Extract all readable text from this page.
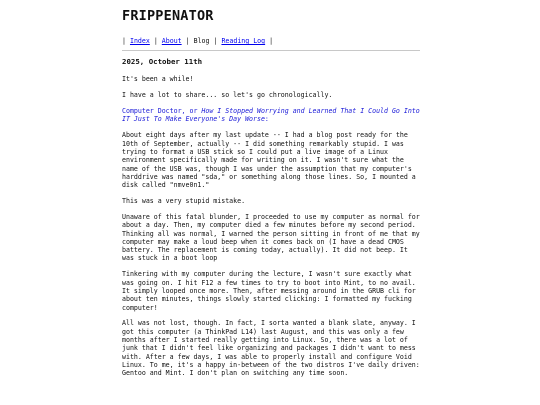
FRIPPENATOR
| Index | About | Blog | Reading Log |
2025, October 11th

It's been a while!

I have a lot to share... so let's go chronologically.

Computer Doctor, or How I Stopped Worrying and Learned That I Could Go Into IT Just To Make Everyone's Day Worse:

About eight days after my last update -- I had a blog post ready for the 10th of September, actually -- I did something remarkably stupid. I was trying to format a USB stick so I could put a live image of a Linux environment specifically made for writing on it. I wasn't sure what the name of the USB was, though I was under the assumption that my computer's harddrive was named "sda," or something along those lines. So, I mounted a disk called "nmve0n1."

This was a very stupid mistake.

Unaware of this fatal blunder, I proceeded to use my computer as normal for about a day. Then, my computer died a few minutes before my second period. Thinking all was normal, I warned the person sitting in front of me that my computer may make a loud beep when it comes back on (I have a dead CMOS battery. The replacement is coming today, actually). It did not beep. It was stuck in a boot loop

Tinkering with my computer during the lecture, I wasn't sure exactly what was going on. I hit F12 a few times to try to boot into Mint, to no avail. It simply looped once more. Then, after messing around in the GRUB cli for about ten minutes, things slowly started clicking: I formatted my fucking computer!

All was not lost, though. In fact, I sorta wanted a blank slate, anyway. I got this computer (a ThinkPad L14) last August, and this was only a few months after I started really getting into Linux. So, there was a lot of junk that I didn't feel like organizing and packages I didn't want to mess with. After a few days, I was able to properly install and configure Void Linux. To me, it's a happy in-between of the two distros I've daily driven: Gentoo and Mint. I don't plan on switching any time soon.
